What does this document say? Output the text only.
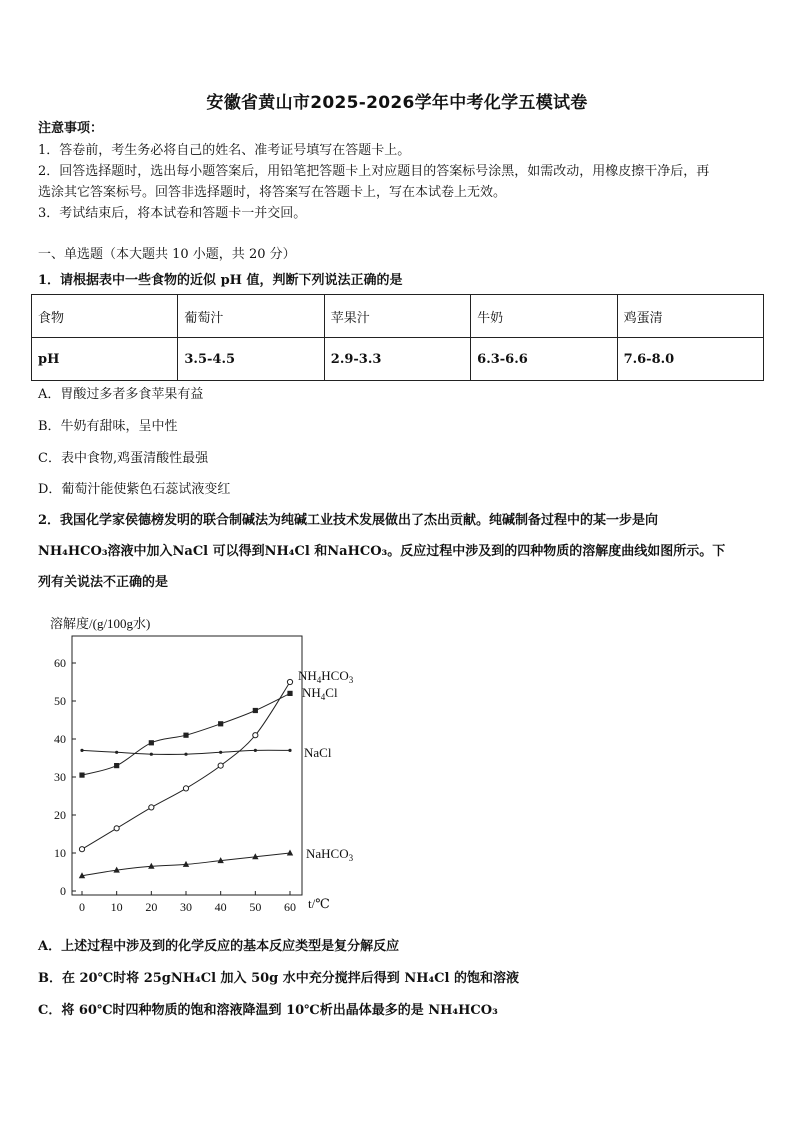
安徽省黄山市2025-2026学年中考化学五模试卷
注意事项：
1．答卷前，考生务必将自己的姓名、准考证号填写在答题卡上。
2．回答选择题时，选出每小题答案后，用铅笔把答题卡上对应题目的答案标号涂黑，如需改动，用橡皮擦干净后，再
选涂其它答案标号。回答非选择题时，将答案写在答题卡上，写在本试卷上无效。
3．考试结束后，将本试卷和答题卡一并交回。
一、单选题（本大题共 10 小题，共 20 分）
1．请根据表中一些食物的近似 pH 值，判断下列说法正确的是
食物	葡萄汁	苹果汁	牛奶	鸡蛋清
pH	3.5-4.5	2.9-3.3	6.3-6.6	7.6-8.0
A．胃酸过多者多食苹果有益
B．牛奶有甜味，呈中性
C．表中食物,鸡蛋清酸性最强
D．葡萄汁能使紫色石蕊试液变红
2．我国化学家侯德榜发明的联合制碱法为纯碱工业技术发展做出了杰出贡献。纯碱制备过程中的某一步是向
NH₄HCO₃溶液中加入NaCl 可以得到NH₄Cl 和NaHCO₃。反应过程中涉及到的四种物质的溶解度曲线如图所示。下
列有关说法不正确的是
溶解度/(g/100g水)
t/℃
0
10
20
30
40
50
60
0 10 20 30 40 50 60
$NH_4HCO_3$
$NH_4Cl$
NaCl
NaHCO$_3$
A．上述过程中涉及到的化学反应的基本反应类型是复分解反应
B．在 20℃时将 25gNH₄Cl 加入 50g 水中充分搅拌后得到 NH₄Cl 的饱和溶液
C．将 60℃时四种物质的饱和溶液降温到 10℃析出晶体最多的是 NH₄HCO₃
